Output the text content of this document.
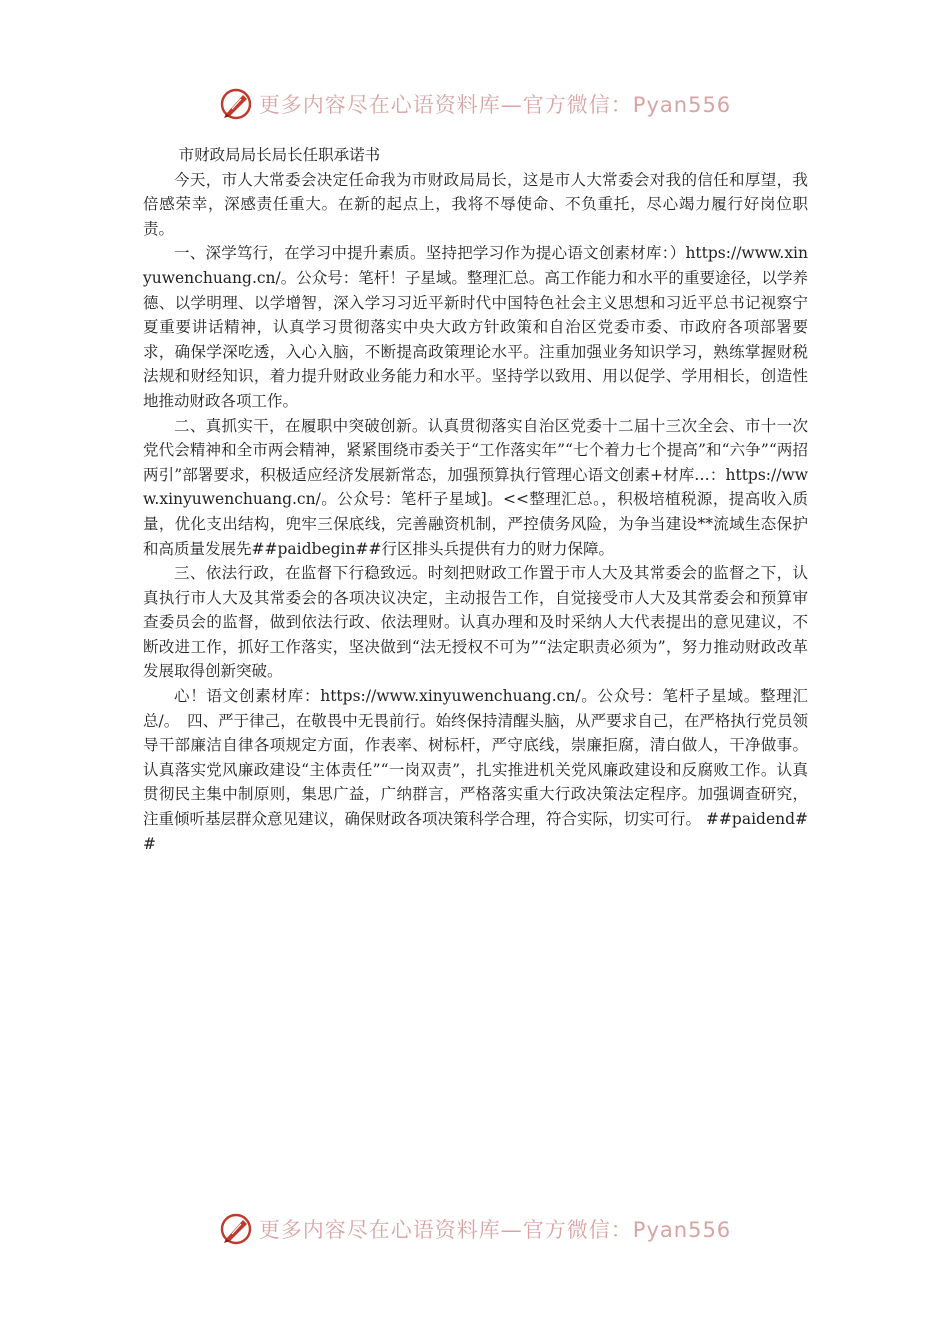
更多内容尽在心语资料库—官方微信：Pyan556

市财政局局长局长任职承诺书

今天，市人大常委会决定任命我为市财政局局长，这是市人大常委会对我的信任和厚望，我倍感荣幸，深感责任重大。在新的起点上，我将不辱使命、不负重托，尽心竭力履行好岗位职责。

一、深学笃行，在学习中提升素质。坚持把学习作为提心语文创素材库：）https://www.xinyuwenchuang.cn/。公众号：笔杆！子星域。整理汇总。高工作能力和水平的重要途径，以学养德、以学明理、以学增智，深入学习习近平新时代中国特色社会主义思想和习近平总书记视察宁夏重要讲话精神，认真学习贯彻落实中央大政方针政策和自治区党委市委、市政府各项部署要求，确保学深吃透，入心入脑，不断提高政策理论水平。注重加强业务知识学习，熟练掌握财税法规和财经知识，着力提升财政业务能力和水平。坚持学以致用、用以促学、学用相长，创造性地推动财政各项工作。

二、真抓实干，在履职中突破创新。认真贯彻落实自治区党委十二届十三次全会、市十一次党代会精神和全市两会精神，紧紧围绕市委关于“工作落实年”“七个着力七个提高”和“六争”“两招两引”部署要求，积极适应经济发展新常态，加强预算执行管理心语文创素+材库…：https://www.xinyuwenchuang.cn/。公众号：笔杆子星域]。<<整理汇总。，积极培植税源，提高收入质量，优化支出结构，兜牢三保底线，完善融资机制，严控债务风险，为争当建设**流域生态保护和高质量发展先##paidbegin##行区排头兵提供有力的财力保障。

三、依法行政，在监督下行稳致远。时刻把财政工作置于市人大及其常委会的监督之下，认真执行市人大及其常委会的各项决议决定，主动报告工作，自觉接受市人大及其常委会和预算审查委员会的监督，做到依法行政、依法理财。认真办理和及时采纳人大代表提出的意见建议，不断改进工作，抓好工作落实，坚决做到“法无授权不可为”“法定职责必须为”，努力推动财政改革发展取得创新突破。

心！语文创素材库：https://www.xinyuwenchuang.cn/。公众号：笔杆子星域。整理汇总/。　四、严于律己，在敬畏中无畏前行。始终保持清醒头脑，从严要求自己，在严格执行党员领导干部廉洁自律各项规定方面，作表率、树标杆，严守底线，崇廉拒腐，清白做人，干净做事。认真落实党风廉政建设“主体责任”“一岗双责”，扎实推进机关党风廉政建设和反腐败工作。认真贯彻民主集中制原则，集思广益，广纳群言，严格落实重大行政决策法定程序。加强调查研究，注重倾听基层群众意见建议，确保财政各项决策科学合理，符合实际，切实可行。 ##paidend##

更多内容尽在心语资料库—官方微信：Pyan556
